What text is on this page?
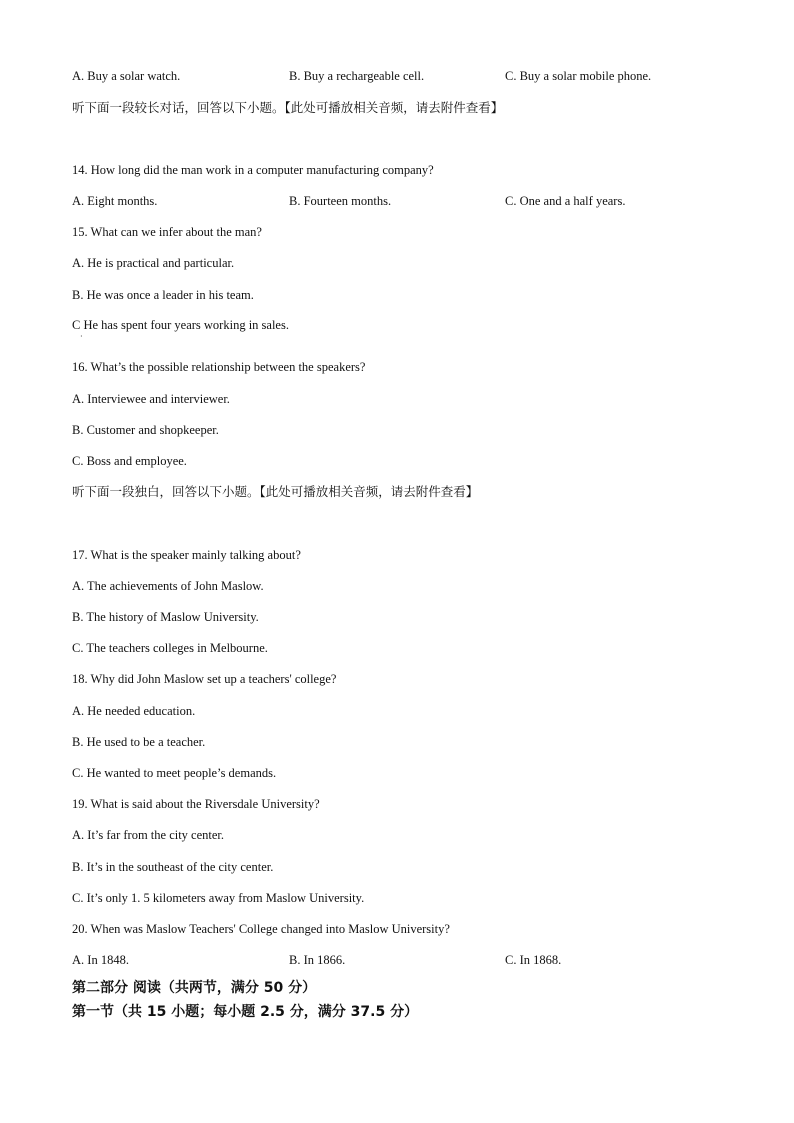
A. Buy a solar watch.	B. Buy a rechargeable cell.	C. Buy a solar mobile phone.
听下面一段较长对话，回答以下小题。【此处可播放相关音频，请去附件查看】
14. How long did the man work in a computer manufacturing company?
A. Eight months.	B. Fourteen months.	C. One and a half years.
15. What can we infer about the man?
A. He is practical and particular.
B. He was once a leader in his team.
C He has spent four years working in sales.
·
16. What’s the possible relationship between the speakers?
A. Interviewee and interviewer.
B. Customer and shopkeeper.
C. Boss and employee.
听下面一段独白，回答以下小题。【此处可播放相关音频，请去附件查看】
17. What is the speaker mainly talking about?
A. The achievements of John Maslow.
B. The history of Maslow University.
C. The teachers colleges in Melbourne.
18. Why did John Maslow set up a teachers' college?
A. He needed education.
B. He used to be a teacher.
C. He wanted to meet people’s demands.
19. What is said about the Riversdale University?
A. It’s far from the city center.
B. It’s in the southeast of the city center.
C. It’s only 1. 5 kilometers away from Maslow University.
20. When was Maslow Teachers' College changed into Maslow University?
A. In 1848.	B. In 1866.	C. In 1868.
第二部分 阅读（共两节，满分 50 分）
第一节（共 15 小题；每小题 2.5 分，满分 37.5 分）
